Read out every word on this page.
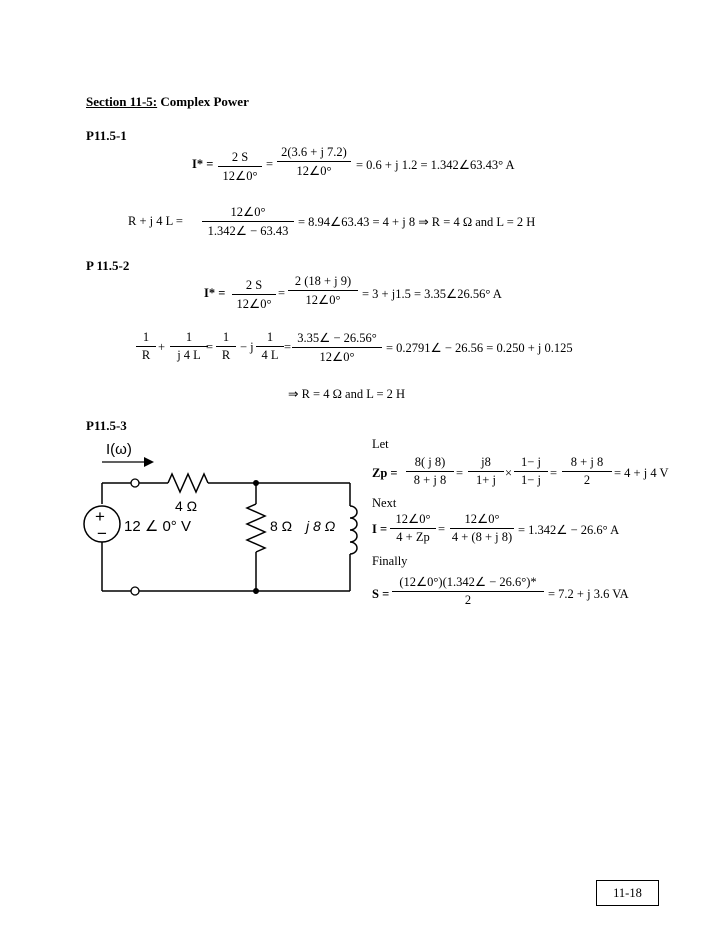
Section 11-5: Complex Power
P11.5-1
I* =	2 S
12∠0°
=
2(3.6 + j 7.2)
12∠0°	= 0.6 + j 1.2 = 1.342∠63.43° A
R + j 4 L =
12∠0°
1.342∠ − 63.43
= 8.94∠63.43 = 4 + j 8 ⇒ R = 4 Ω and L = 2 H
P 11.5-2
I* =
2 S
12∠0°
=
2 (18 + j 9)
12∠0°	= 3 + j1.5 = 3.35∠26.56° A
1
R
+
1
j 4 L
=
1
R
− j
1
4 L
=
3.35∠ − 26.56°
12∠0°
= 0.2791∠ − 26.56 = 0.250 + j 0.125
⇒ R = 4 Ω and L = 2 H
P11.5-3
I(ω)
4 Ω
+
− 12 ∠ 0° V	8 Ω j 8 Ω
Let
Zp =
8( j 8)
8 + j 8 =
j8
1+ j ×
1− j
1− j =
8 + j 8
2	= 4 + j 4 V
Next
I =
12∠0°
4 + Zp
=
12∠0°
4 + (8 + j 8) = 1.342∠ − 26.6° A
Finally
S =
(12∠0°)(1.342∠ − 26.6°)*
2	= 7.2 + j 3.6 VA
11-18
